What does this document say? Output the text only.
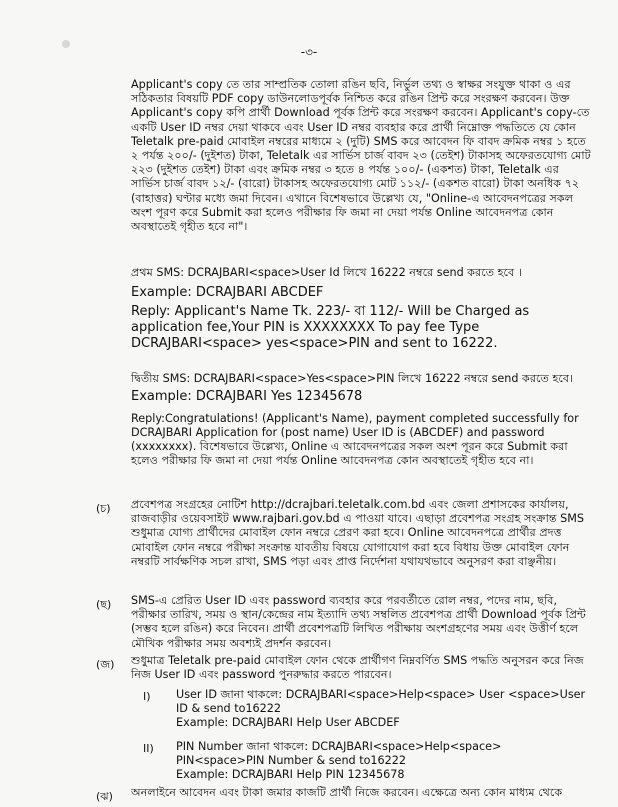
-৩-

Applicant's copy তে তার সাম্প্রতিক তোলা রঙিন ছবি, নির্ভুল তথ্য ও স্বাক্ষর সংযুক্ত থাকা ও এর সঠিকতার বিষয়টি PDF copy ডাউনলোডপূর্বক নিশ্চিত করে রঙিন প্রিন্ট করে সংরক্ষণ করবেন। উক্ত Applicant's copy কপি প্রার্থী Download পূর্বক প্রিন্ট করে সংরক্ষণ করবেন। Applicant's copy-তে একটি User ID নম্বর দেয়া থাকবে এবং User ID নম্বর ব্যবহার করে প্রার্থী নিম্নোক্ত পদ্ধতিতে যে কোন Teletalk pre-paid মোবাইল নম্বরের মাধ্যমে ২ (দুটি) SMS করে আবেদন ফি বাবদ ক্রমিক নম্বর ১ হতে ২ পর্যন্ত ২০০/- (দুইশত) টাকা, Teletalk এর সার্ভিস চার্জ বাবদ ২৩ (তেইশ) টাকাসহ অফেরতযোগ্য মোট ২২৩ (দুইশত তেইশ) টাকা এবং ক্রমিক নম্বর ৩ হতে ৪ পর্যন্ত ১০০/- (একশত) টাকা, Teletalk এর সার্ভিস চার্জ বাবদ ১২/- (বারো) টাকাসহ অফেরতযোগ্য মোট ১১২/- (একশত বারো) টাকা অনধিক ৭২ (বাহাত্তর) ঘণ্টার মধ্যে জমা দিবেন। এখানে বিশেষভাবে উল্লেখ্য যে, "Online-এ আবেদনপত্রের সকল অংশ পূরণ করে Submit করা হলেও পরীক্ষার ফি জমা না দেয়া পর্যন্ত Online আবেদনপত্র কোন অবস্থাতেই গৃহীত হবে না"।

প্রথম SMS: DCRAJBARI<space>User Id লিখে 16222 নম্বরে send করতে হবে ।

Example: DCRAJBARI ABCDEF

Reply: Applicant's Name Tk. 223/- বা 112/- Will be Charged as application fee,Your PIN is XXXXXXXX To pay fee Type DCRAJBARI<space> yes<space>PIN and sent to 16222.

দ্বিতীয় SMS: DCRAJBARI<space>Yes<space>PIN লিখে 16222 নম্বরে send করতে হবে।

Example: DCRAJBARI Yes 12345678

Reply:Congratulations! (Applicant's Name), payment completed successfully for DCRAJBARI Application for (post name) User ID is (ABCDEF) and password (xxxxxxxx). বিশেষভাবে উল্লেখ্য, Online এ আবেদনপত্রের সকল অংশ পূরন করে Submit করা হলেও পরীক্ষার ফি জমা না দেয়া পর্যন্ত Online আবেদনপত্র কোন অবস্থাতেই গৃহীত হবে না।

(চ) প্রবেশপত্র সংগ্রহের নোটিশ http://dcrajbari.teletalk.com.bd এবং জেলা প্রশাসকের কার্যালয়, রাজবাড়ীর ওয়েবসাইট www.rajbari.gov.bd এ পাওয়া যাবে। এছাড়া প্রবেশপত্র সংগ্রহ সংক্রান্ত SMS শুধুমাত্র যোগ্য প্রার্থীদের মোবাইল ফোন নম্বরে প্রেরণ করা হবে। Online আবেদনপত্রে প্রার্থীর প্রদত্ত মোবাইল ফোন নম্বরে পরীক্ষা সংক্রান্ত যাবতীয় বিষয়ে যোগাযোগ করা হবে বিধায় উক্ত মোবাইল ফোন নম্বরটি সার্বক্ষণিক সচল রাখা, SMS পড়া এবং প্রাপ্ত নির্দেশনা যথাযথভাবে অনুসরণ করা বাঞ্ছনীয়।
(ছ) SMS-এ প্রেরিত User ID এবং password ব্যবহার করে পরবর্তীতে রোল নম্বর, পদের নাম, ছবি, পরীক্ষার তারিখ, সময় ও স্থান/কেন্দ্রের নাম ইত্যাদি তথ্য সম্বলিত প্রবেশপত্র প্রার্থী Download পূর্বক প্রিন্ট (সম্ভব হলে রঙিন) করে নিবেন। প্রার্থী প্রবেশপত্রটি লিখিত পরীক্ষায় অংশগ্রহণের সময় এবং উত্তীর্ণ হলে মৌখিক পরীক্ষার সময় অবশ্যই প্রদর্শন করবেন।
(জ) শুধুমাত্র Teletalk pre-paid মোবাইল ফোন থেকে প্রার্থীগণ নিম্নবর্ণিত SMS পদ্ধতি অনুসরন করে নিজ নিজ User ID এবং password পুনরুদ্ধার করতে পারবেন।
I) User ID জানা থাকলে: DCRAJBARI<space>Help<space> User <space>User ID & send to16222

Example: DCRAJBARI Help User ABCDEF

II) PIN Number জানা থাকলে: DCRAJBARI<space>Help<space> PIN<space>PIN Number & send to16222

Example: DCRAJBARI Help PIN 12345678

(ঝ) অনলাইনে আবেদন এবং টাকা জমার কাজটি প্রার্থী নিজে করবেন। এক্ষেত্রে অন্য কোন মাধ্যম থেকে
